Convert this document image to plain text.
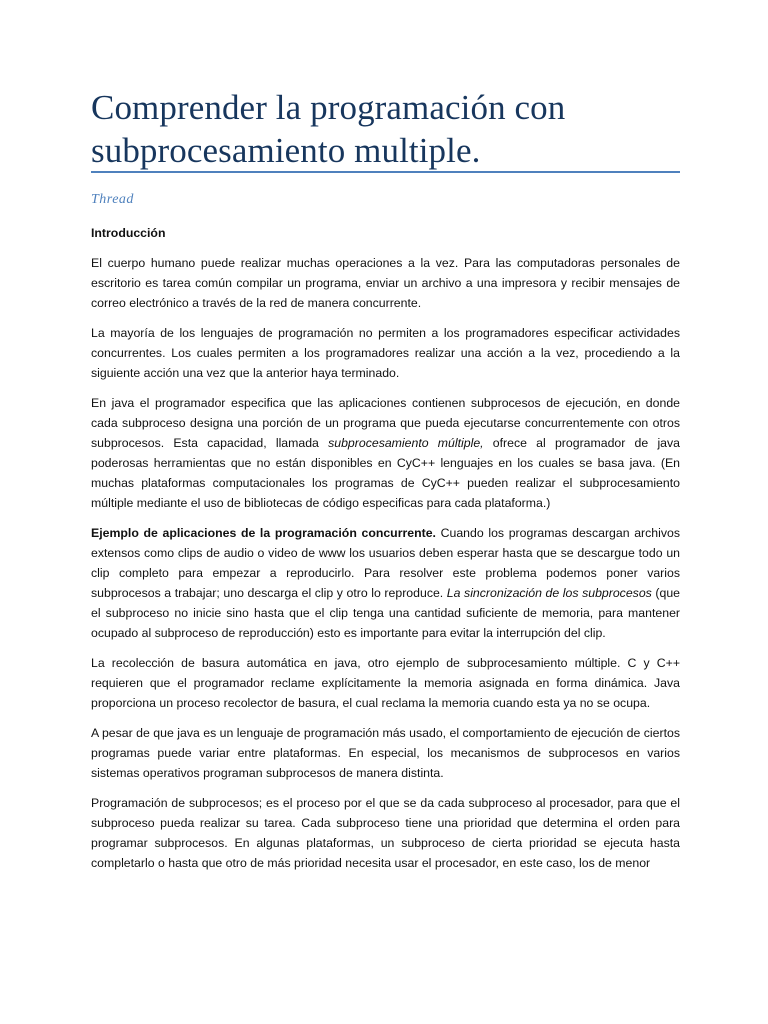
Comprender la programación con
subprocesamiento multiple.

Thread

Introducción

El cuerpo humano puede realizar muchas operaciones a la vez. Para las computadoras personales de escritorio es tarea común compilar un programa, enviar un archivo a una impresora y recibir mensajes de correo electrónico a través de la red de manera concurrente.

La mayoría de los lenguajes de programación no permiten a los programadores especificar actividades concurrentes. Los cuales permiten a los programadores realizar una acción a la vez, procediendo a la siguiente acción una vez que la anterior haya terminado.

En java el programador especifica que las aplicaciones contienen subprocesos de ejecución, en donde cada subproceso designa una porción de un programa que pueda ejecutarse concurrentemente con otros subprocesos. Esta capacidad, llamada subprocesamiento múltiple, ofrece al programador de java poderosas herramientas que no están disponibles en CyC++ lenguajes en los cuales se basa java. (En muchas plataformas computacionales los programas de CyC++ pueden realizar el subprocesamiento múltiple mediante el uso de bibliotecas de código especificas para cada plataforma.)

Ejemplo de aplicaciones de la programación concurrente. Cuando los programas descargan archivos extensos como clips de audio o video de www los usuarios deben esperar hasta que se descargue todo un clip completo para empezar a reproducirlo. Para resolver este problema podemos poner varios subprocesos a trabajar; uno descarga el clip y otro lo reproduce. La sincronización de los subprocesos (que el subproceso no inicie sino hasta que el clip tenga una cantidad suficiente de memoria, para mantener ocupado al subproceso de reproducción) esto es importante para evitar la interrupción del clip.

La recolección de basura automática en java, otro ejemplo de subprocesamiento múltiple. C y C++ requieren que el programador reclame explícitamente la memoria asignada en forma dinámica. Java proporciona un proceso recolector de basura, el cual reclama la memoria cuando esta ya no se ocupa.

A pesar de que java es un lenguaje de programación más usado, el comportamiento de ejecución de ciertos programas puede variar entre plataformas. En especial, los mecanismos de subprocesos en varios sistemas operativos programan subprocesos de manera distinta.

Programación de subprocesos; es el proceso por el que se da cada subproceso al procesador, para que el subproceso pueda realizar su tarea. Cada subproceso tiene una prioridad que determina el orden para programar subprocesos. En algunas plataformas, un subproceso de cierta prioridad se ejecuta hasta completarlo o hasta que otro de más prioridad necesita usar el procesador, en este caso, los de menor
